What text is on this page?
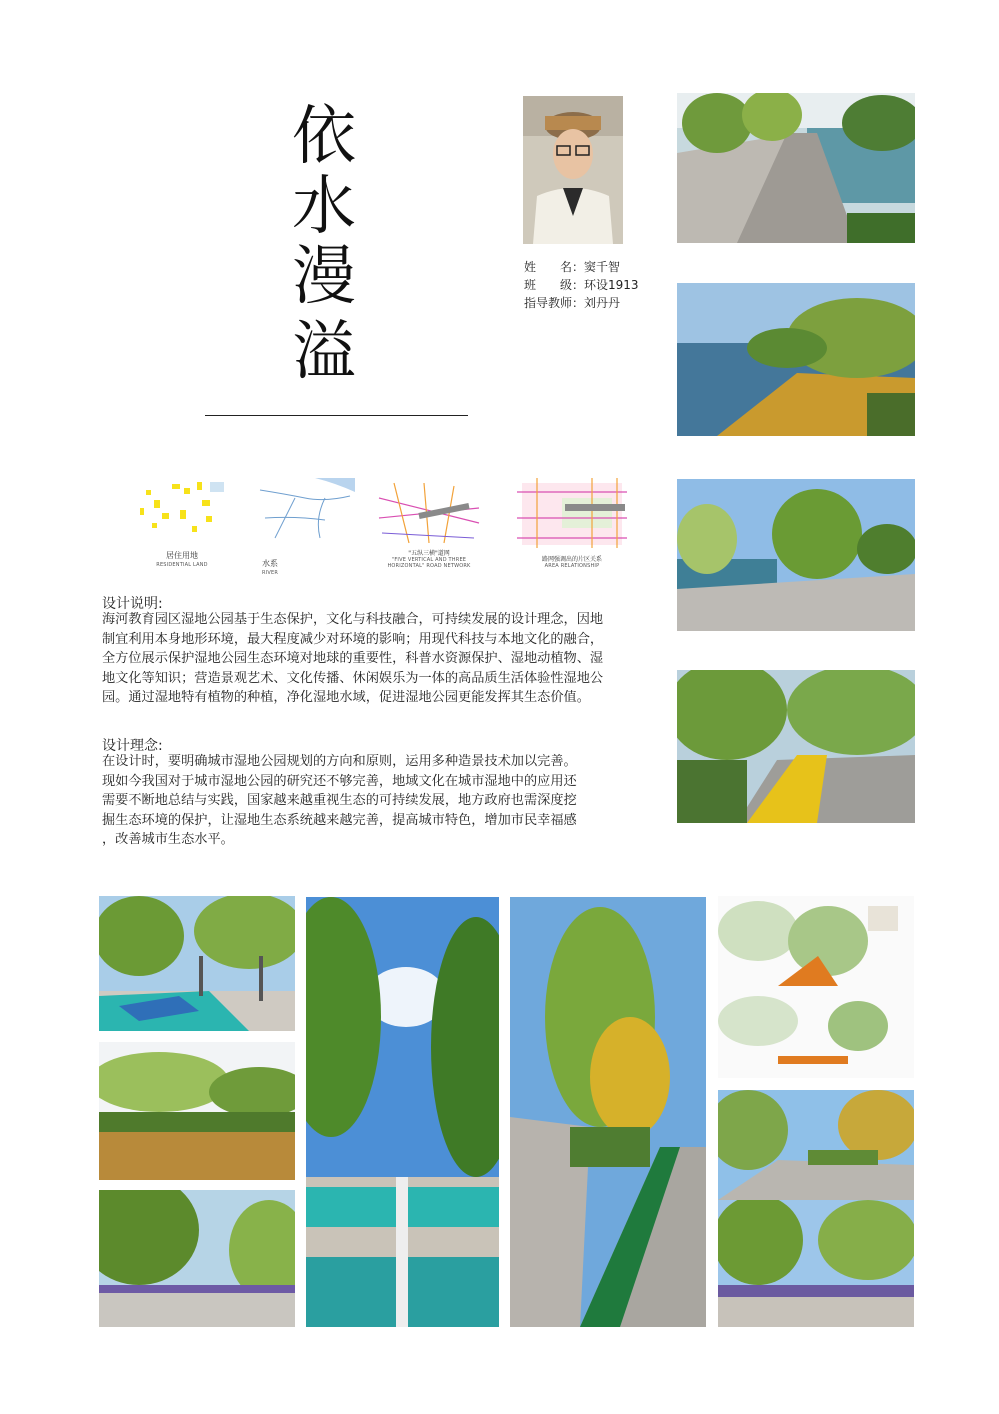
依
水
漫
溢
姓　　名：窦千智
班　　级：环设1913
指导教师：刘丹丹
居住用地
RESIDENTIAL LAND	水系
RIVER
"五纵三横"道网
"FIVE VERTICAL AND THREE HORIZONTAL" ROAD NETWORK
路网强调出的片区关系
AREA RELATIONSHIP
设计说明:
海河教育园区湿地公园基于生态保护，文化与科技融合，可持续发展的设计理念，因地
制宜利用本身地形环境，最大程度减少对环境的影响；用现代科技与本地文化的融合，
全方位展示保护湿地公园生态环境对地球的重要性，科普水资源保护、湿地动植物、湿
地文化等知识；营造景观艺术、文化传播、休闲娱乐为一体的高品质生活体验性湿地公
园。通过湿地特有植物的种植，净化湿地水域，促进湿地公园更能发挥其生态价值。
设计理念:
在设计时，要明确城市湿地公园规划的方向和原则，运用多种造景技术加以完善。
现如今我国对于城市湿地公园的研究还不够完善，地域文化在城市湿地中的应用还
需要不断地总结与实践，国家越来越重视生态的可持续发展，地方政府也需深度挖
掘生态环境的保护，让湿地生态系统越来越完善，提高城市特色，增加市民幸福感
，改善城市生态水平。
